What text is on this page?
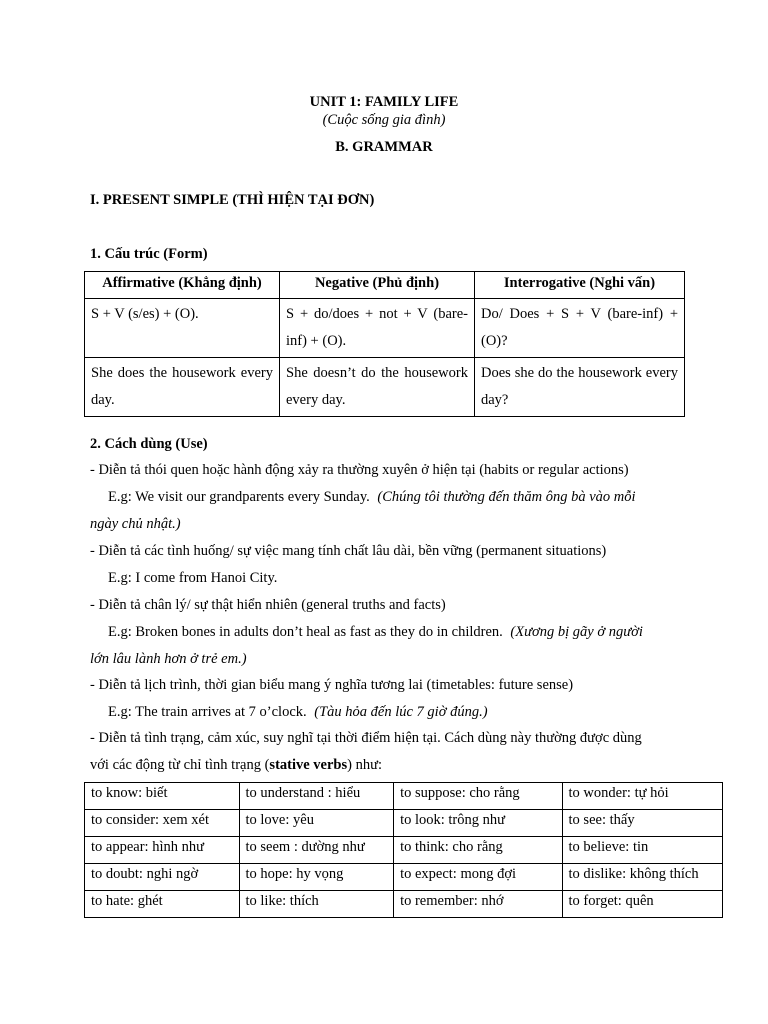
UNIT 1: FAMILY LIFE
(Cuộc sống gia đình)
B. GRAMMAR
I. PRESENT SIMPLE (THÌ HIỆN TẠI ĐƠN)
1. Cấu trúc (Form)
Affirmative (Khẳng định)	Negative (Phủ định)	Interrogative (Nghi vấn)
S + V (s/es) + (O).	S + do/does + not + V (bare-inf) + (O).	Do/ Does + S + V (bare-inf) + (O)?
She does the housework every day.	She doesn’t do the housework every day.	Does she do the housework every day?
2. Cách dùng (Use)
- Diễn tả thói quen hoặc hành động xảy ra thường xuyên ở hiện tại (habits or regular actions)
E.g: We visit our grandparents every Sunday. (Chúng tôi thường đến thăm ông bà vào mỗi
ngày chủ nhật.)
- Diễn tả các tình huống/ sự việc mang tính chất lâu dài, bền vững (permanent situations)
E.g: I come from Hanoi City.
- Diễn tả chân lý/ sự thật hiển nhiên (general truths and facts)
E.g: Broken bones in adults don’t heal as fast as they do in children. (Xương bị gãy ở người
lớn lâu lành hơn ở trẻ em.)
- Diễn tả lịch trình, thời gian biểu mang ý nghĩa tương lai (timetables: future sense)
E.g: The train arrives at 7 o’clock. (Tàu hỏa đến lúc 7 giờ đúng.)
- Diễn tả tình trạng, cảm xúc, suy nghĩ tại thời điểm hiện tại. Cách dùng này thường được dùng
với các động từ chỉ tình trạng (stative verbs) như:
to know: biết	to understand : hiểu	to suppose: cho rằng	to wonder: tự hỏi
to consider: xem xét	to love: yêu	to look: trông như	to see: thấy
to appear: hình như	to seem : dường như	to think: cho rằng	to believe: tin
to doubt: nghi ngờ	to hope: hy vọng	to expect: mong đợi	to dislike: không thích
to hate: ghét	to like: thích	to remember: nhớ	to forget: quên
